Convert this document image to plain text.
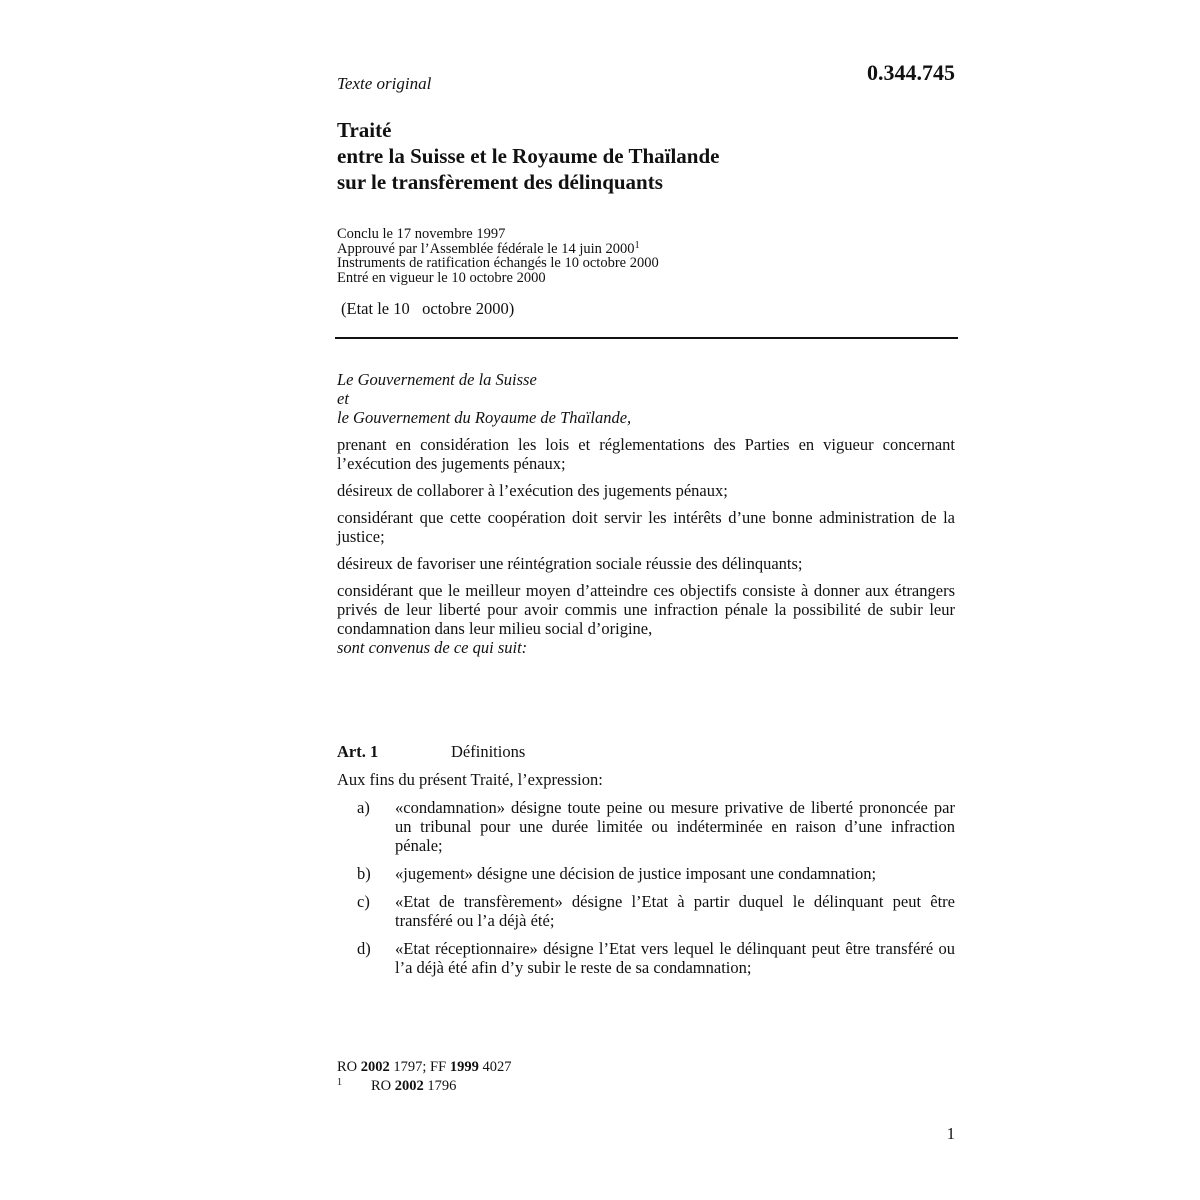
0.344.745
Texte original
Traité
entre la Suisse et le Royaume de Thaïlande
sur le transfèrement des délinquants
Conclu le 17 novembre 1997
Approuvé par l’Assemblée fédérale le 14 juin 2000$^1$
Instruments de ratification échangés le 10 octobre 2000
Entré en vigueur le 10 octobre 2000
(Etat le 10   octobre 2000)
Le Gouvernement de la Suisse
et
le Gouvernement du Royaume de Thaïlande,

prenant en considération les lois et réglementations des Parties en vigueur concernant l’exécution des jugements pénaux;

désireux de collaborer à l’exécution des jugements pénaux;

considérant que cette coopération doit servir les intérêts d’une bonne administration de la justice;

désireux de favoriser une réintégration sociale réussie des délinquants;

considérant que le meilleur moyen d’atteindre ces objectifs consiste à donner aux étrangers privés de leur liberté pour avoir commis une infraction pénale la possibilité de subir leur condamnation dans leur milieu social d’origine,

sont convenus de ce qui suit:
Art. 1	Définitions
Aux fins du présent Traité, l’expression:
a)	«condamnation» désigne toute peine ou mesure privative de liberté prononcée par un tribunal pour une durée limitée ou indéterminée en raison d’une infraction pénale;
b)	«jugement» désigne une décision de justice imposant une condamnation;
c)	«Etat de transfèrement» désigne l’Etat à partir duquel le délinquant peut être transféré ou l’a déjà été;
d)	«Etat réceptionnaire» désigne l’Etat vers lequel le délinquant peut être transféré ou l’a déjà été afin d’y subir le reste de sa condamnation;
RO 2002 1797; FF 1999 4027
1 RO 2002 1796
1
